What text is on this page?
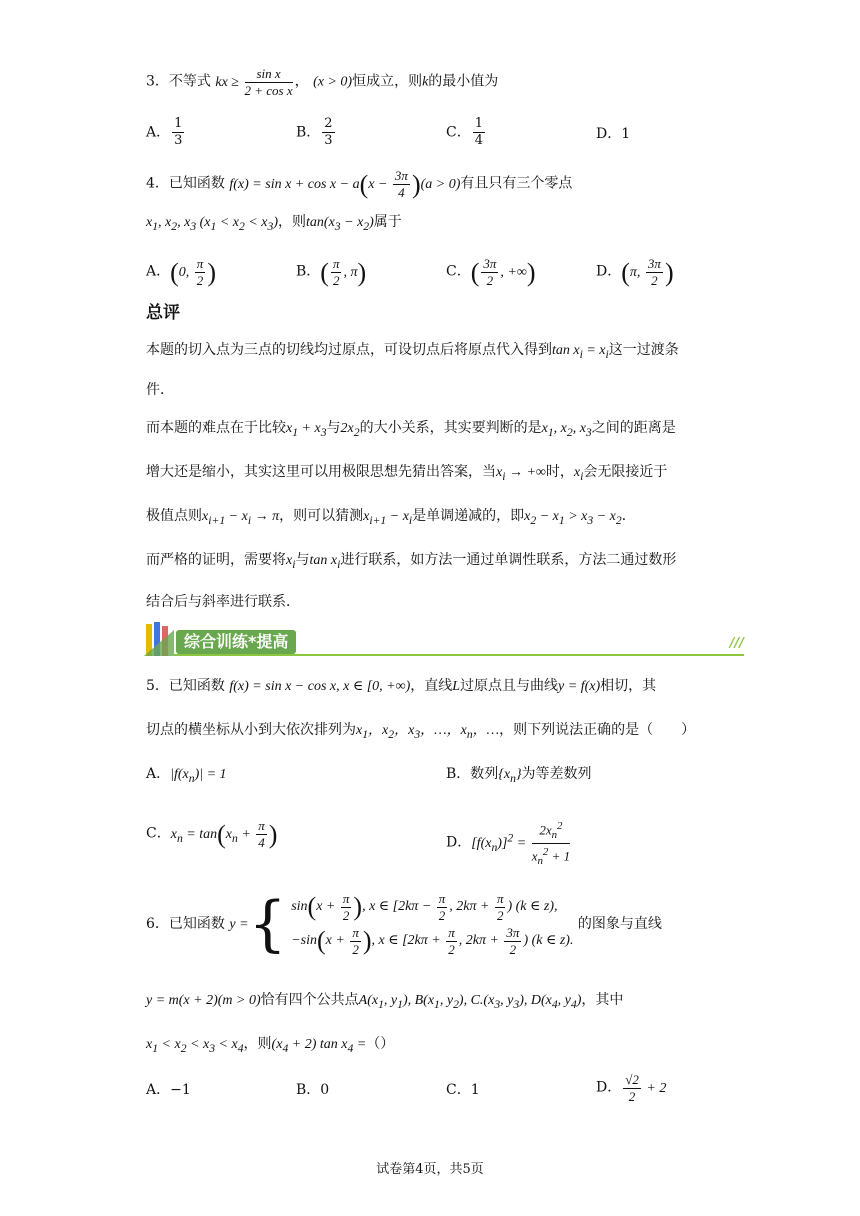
3．不等式 kx ≥ $\frac{\text{sin x}}{\text{2 + cos x}}$ ， (x > 0)恒成立，则k的最小值为
A． $\frac{1}{3}$	B． $\frac{2}{3}$	C． $\frac{1}{4}$	D．1
4．已知函数 $f(x) = \sin x + \cos x - a(x - \frac{3\pi}{4} )(a > 0)$有且只有三个零点
$x_1$, $x_2$, $x_3$ $(x_1 < x_2 < x_3)$，则$\tan(x_3 - x_2)$属于
A．(0, $\frac{\pi}{2}$ )	B．( $\frac{\pi}{2}$ , π)	C．( $\frac{3\pi}{2}$ , +∞)	D．(π, $\frac{3\pi}{2}$ )
总评
本题的切入点为三点的切线均过原点，可设切点后将原点代入得到$\tan x_i = x_i$这一过渡条
件．
而本题的难点在于比较$x_1 + x_3$与$2x_2$的大小关系，其实要判断的是$x_1$, $x_2$, $x_3$之间的距离是
增大还是缩小，其实这里可以用极限思想先猜出答案，当$x_i$ → +∞时，$x_i$会无限接近于
极值点则$x_{i+1} - x_i \to \pi$，则可以猜测$x_{i+1} - x_i$是单调递减的，即$x_2 - x_1 > x_3 - x_2$．
而严格的证明，需要将$x_i$与$\tan x_i$进行联系，如方法一通过单调性联系，方法二通过数形
结合后与斜率进行联系．
综合训练*提高	///
5．已知函数 f(x) = sin x − cos x, x ∈ [0, +∞)，直线L过原点且与曲线y = f(x)相切，其
切点的横坐标从小到大依次排列为$x_1$，$x_2$，$x_3$，…，$x_n$，…，则下列说法正确的是（　　）
A．$|f(x_n)| = 1$	B．数列$\{x_n\}$为等差数列
C．$x_n = \tan(x_n + \frac{\pi}{4}$ )	D．$[f(x_n)]^2 = \frac{2x_n^2}{x_n^2 + 1}$
6．已知函数 y ={ $\sin(x + \frac{\pi}{2}$ ), x ∈ [$2k\pi - \frac{\pi}{2}$ , $2k\pi + \frac{\pi}{2}$ ) (k ∈ z),
$-\sin(x + \frac{\pi}{2}$ ), x ∈ [$2k\pi + \frac{\pi}{2}$ , $2k\pi + \frac{3\pi}{2}$ ) (k ∈ z).
的图象与直线
y = m(x + 2)(m > 0)恰有四个公共点$A(x_1$, $y_1$), $B(x_1$, $y_2$), $C.(x_3$, $y_3$), $D(x_4$, $y_4$)，其中
$x_1 < x_2 < x_3 < x_4$，则$(x_4 + 2)$ $\tan x_4$ =（）
A．−1	B．0	C．1	D． $\frac{√2}{2} + 2$
试卷第4页，共5页
